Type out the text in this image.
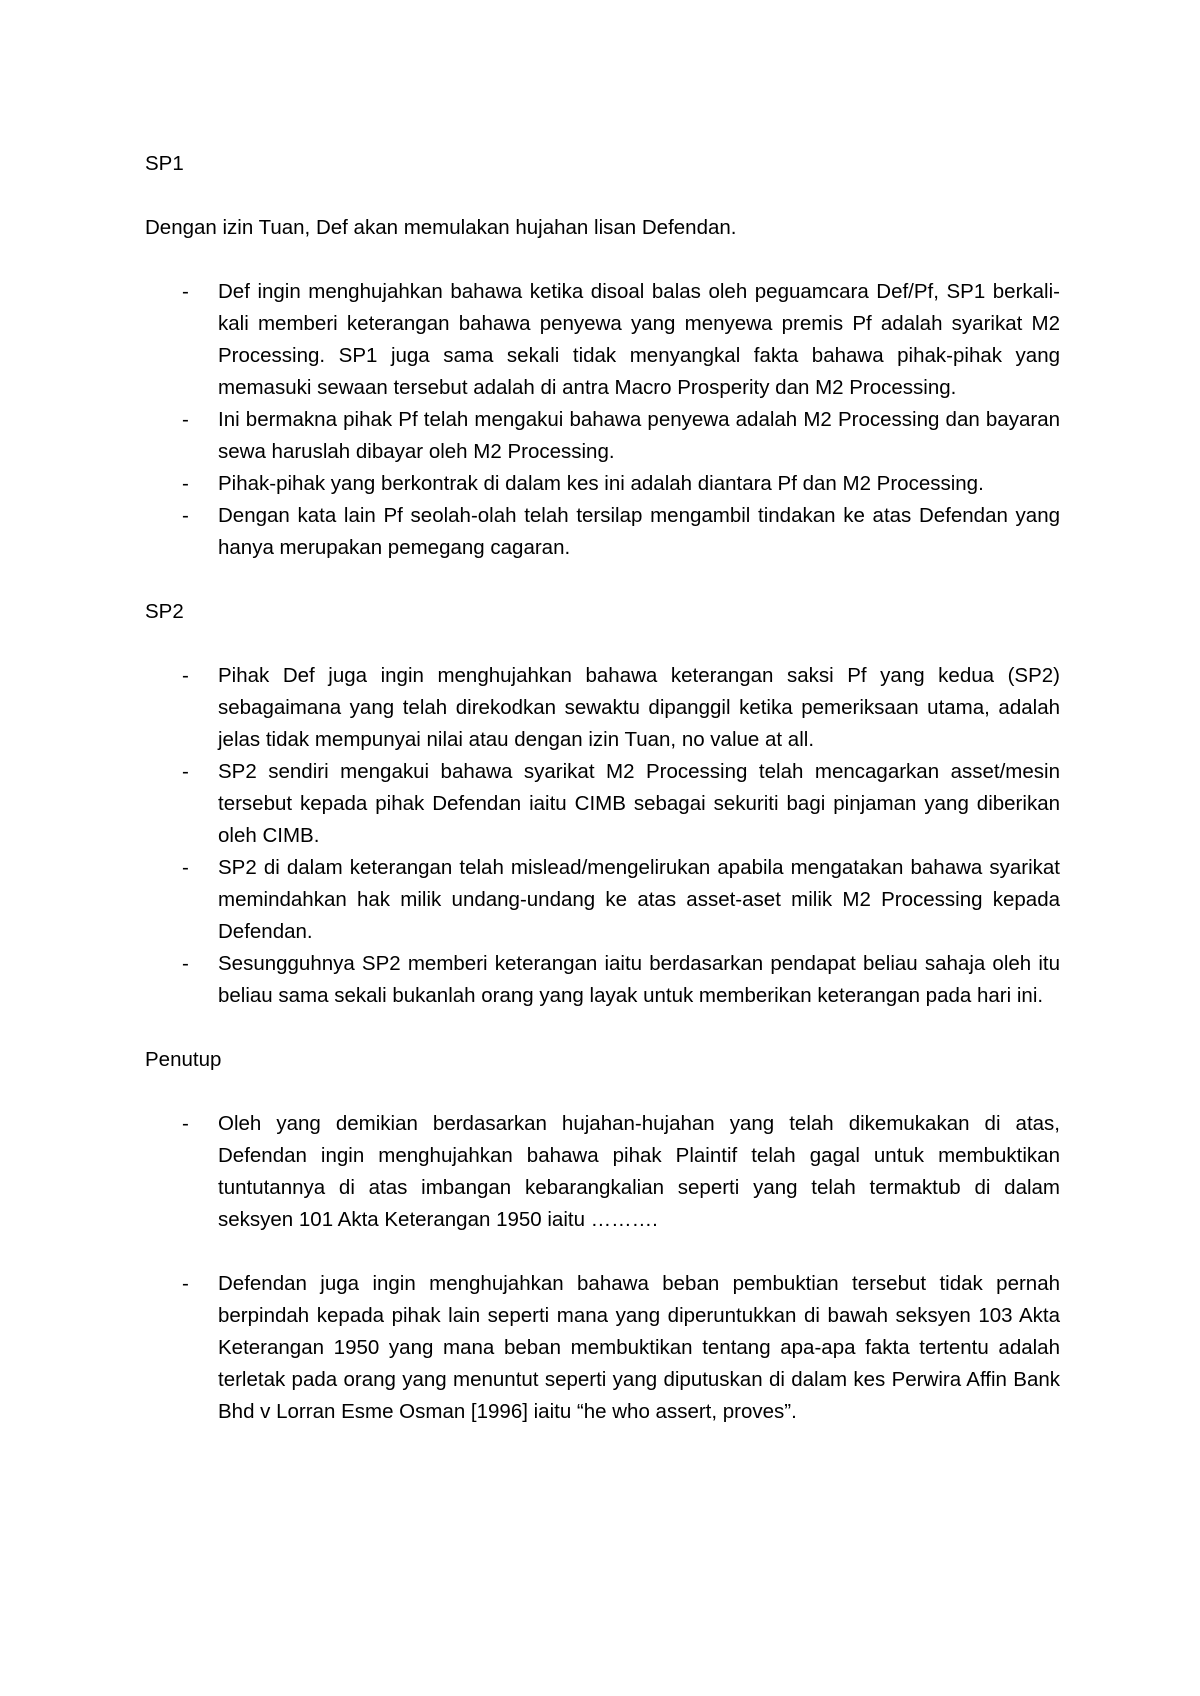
SP1

Dengan izin Tuan, Def akan memulakan hujahan lisan Defendan.

- Def ingin menghujahkan bahawa ketika disoal balas oleh peguamcara Def/Pf, SP1 berkali-kali memberi keterangan bahawa penyewa yang menyewa premis Pf adalah syarikat M2 Processing. SP1 juga sama sekali tidak menyangkal fakta bahawa pihak-pihak yang memasuki sewaan tersebut adalah di antra Macro Prosperity dan M2 Processing.
- Ini bermakna pihak Pf telah mengakui bahawa penyewa adalah M2 Processing dan bayaran sewa haruslah dibayar oleh M2 Processing.
- Pihak-pihak yang berkontrak di dalam kes ini adalah diantara Pf dan M2 Processing.
- Dengan kata lain Pf seolah-olah telah tersilap mengambil tindakan ke atas Defendan yang hanya merupakan pemegang cagaran.

SP2

- Pihak Def juga ingin menghujahkan bahawa keterangan saksi Pf yang kedua (SP2) sebagaimana yang telah direkodkan sewaktu dipanggil ketika pemeriksaan utama, adalah jelas tidak mempunyai nilai atau dengan izin Tuan, no value at all.
- SP2 sendiri mengakui bahawa syarikat M2 Processing telah mencagarkan asset/mesin tersebut kepada pihak Defendan iaitu CIMB sebagai sekuriti bagi pinjaman yang diberikan oleh CIMB.
- SP2 di dalam keterangan telah mislead/mengelirukan apabila mengatakan bahawa syarikat memindahkan hak milik undang-undang ke atas asset-aset milik M2 Processing kepada Defendan.
- Sesungguhnya SP2 memberi keterangan iaitu berdasarkan pendapat beliau sahaja oleh itu beliau sama sekali bukanlah orang yang layak untuk memberikan keterangan pada hari ini.

Penutup

- Oleh yang demikian berdasarkan hujahan-hujahan yang telah dikemukakan di atas, Defendan ingin menghujahkan bahawa pihak Plaintif telah gagal untuk membuktikan tuntutannya di atas imbangan kebarangkalian seperti yang telah termaktub di dalam seksyen 101 Akta Keterangan 1950 iaitu ……….
- Defendan juga ingin menghujahkan bahawa beban pembuktian tersebut tidak pernah berpindah kepada pihak lain seperti mana yang diperuntukkan di bawah seksyen 103 Akta Keterangan 1950 yang mana beban membuktikan tentang apa-apa fakta tertentu adalah terletak pada orang yang menuntut seperti yang diputuskan di dalam kes Perwira Affin Bank Bhd v Lorran Esme Osman [1996] iaitu “he who assert, proves”.
